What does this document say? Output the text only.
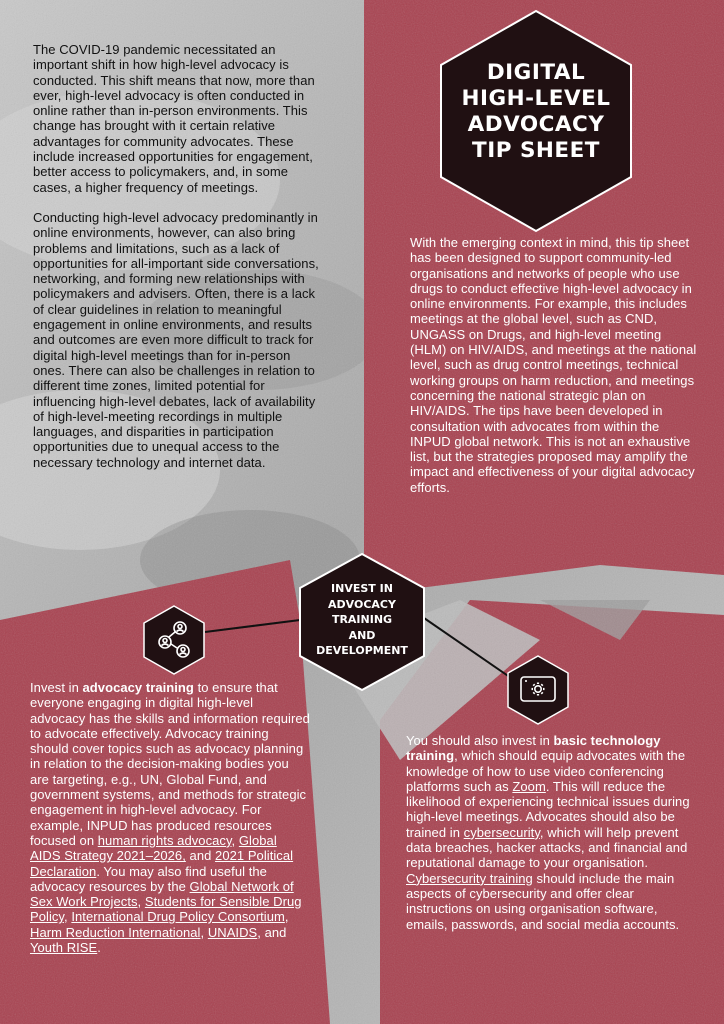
DIGITAL
HIGH-LEVEL
ADVOCACY
TIP SHEET

The COVID-19 pandemic necessitated an important shift in how high-level advocacy is conducted. This shift means that now, more than ever, high-level advocacy is often conducted in online rather than in-person environments. This change has brought with it certain relative advantages for community advocates. These include increased opportunities for engagement, better access to policymakers, and, in some cases, a higher frequency of meetings.

Conducting high-level advocacy predominantly in online environments, however, can also bring problems and limitations, such as a lack of opportunities for all-important side conversations, networking, and forming new relationships with policymakers and advisers. Often, there is a lack of clear guidelines in relation to meaningful engagement in online environments, and results and outcomes are even more difficult to track for digital high-level meetings than for in-person ones. There can also be challenges in relation to different time zones, limited potential for influencing high-level debates, lack of availability of high-level-meeting recordings in multiple languages, and disparities in participation opportunities due to unequal access to the necessary technology and internet data.

With the emerging context in mind, this tip sheet has been designed to support community-led organisations and networks of people who use drugs to conduct effective high-level advocacy in online environments. For example, this includes meetings at the global level, such as CND, UNGASS on Drugs, and high-level meeting (HLM) on HIV/AIDS, and meetings at the national level, such as drug control meetings, technical working groups on harm reduction, and meetings concerning the national strategic plan on HIV/AIDS. The tips have been developed in consultation with advocates from within the INPUD global network. This is not an exhaustive list, but the strategies proposed may amplify the impact and effectiveness of your digital advocacy efforts.

INVEST IN
ADVOCACY
TRAINING
AND
DEVELOPMENT

Invest in advocacy training to ensure that everyone engaging in digital high-level advocacy has the skills and information required to advocate effectively. Advocacy training should cover topics such as advocacy planning in relation to the decision-making bodies you are targeting, e.g., UN, Global Fund, and government systems, and methods for strategic engagement in high-level advocacy. For example, INPUD has produced resources focused on human rights advocacy, Global AIDS Strategy 2021–2026, and 2021 Political Declaration. You may also find useful the advocacy resources by the Global Network of Sex Work Projects, Students for Sensible Drug Policy, International Drug Policy Consortium, Harm Reduction International, UNAIDS, and Youth RISE.

You should also invest in basic technology training, which should equip advocates with the knowledge of how to use video conferencing platforms such as Zoom. This will reduce the likelihood of experiencing technical issues during high-level meetings. Advocates should also be trained in cybersecurity, which will help prevent data breaches, hacker attacks, and financial and reputational damage to your organisation. Cybersecurity training should include the main aspects of cybersecurity and offer clear instructions on using organisation software, emails, passwords, and social media accounts.
